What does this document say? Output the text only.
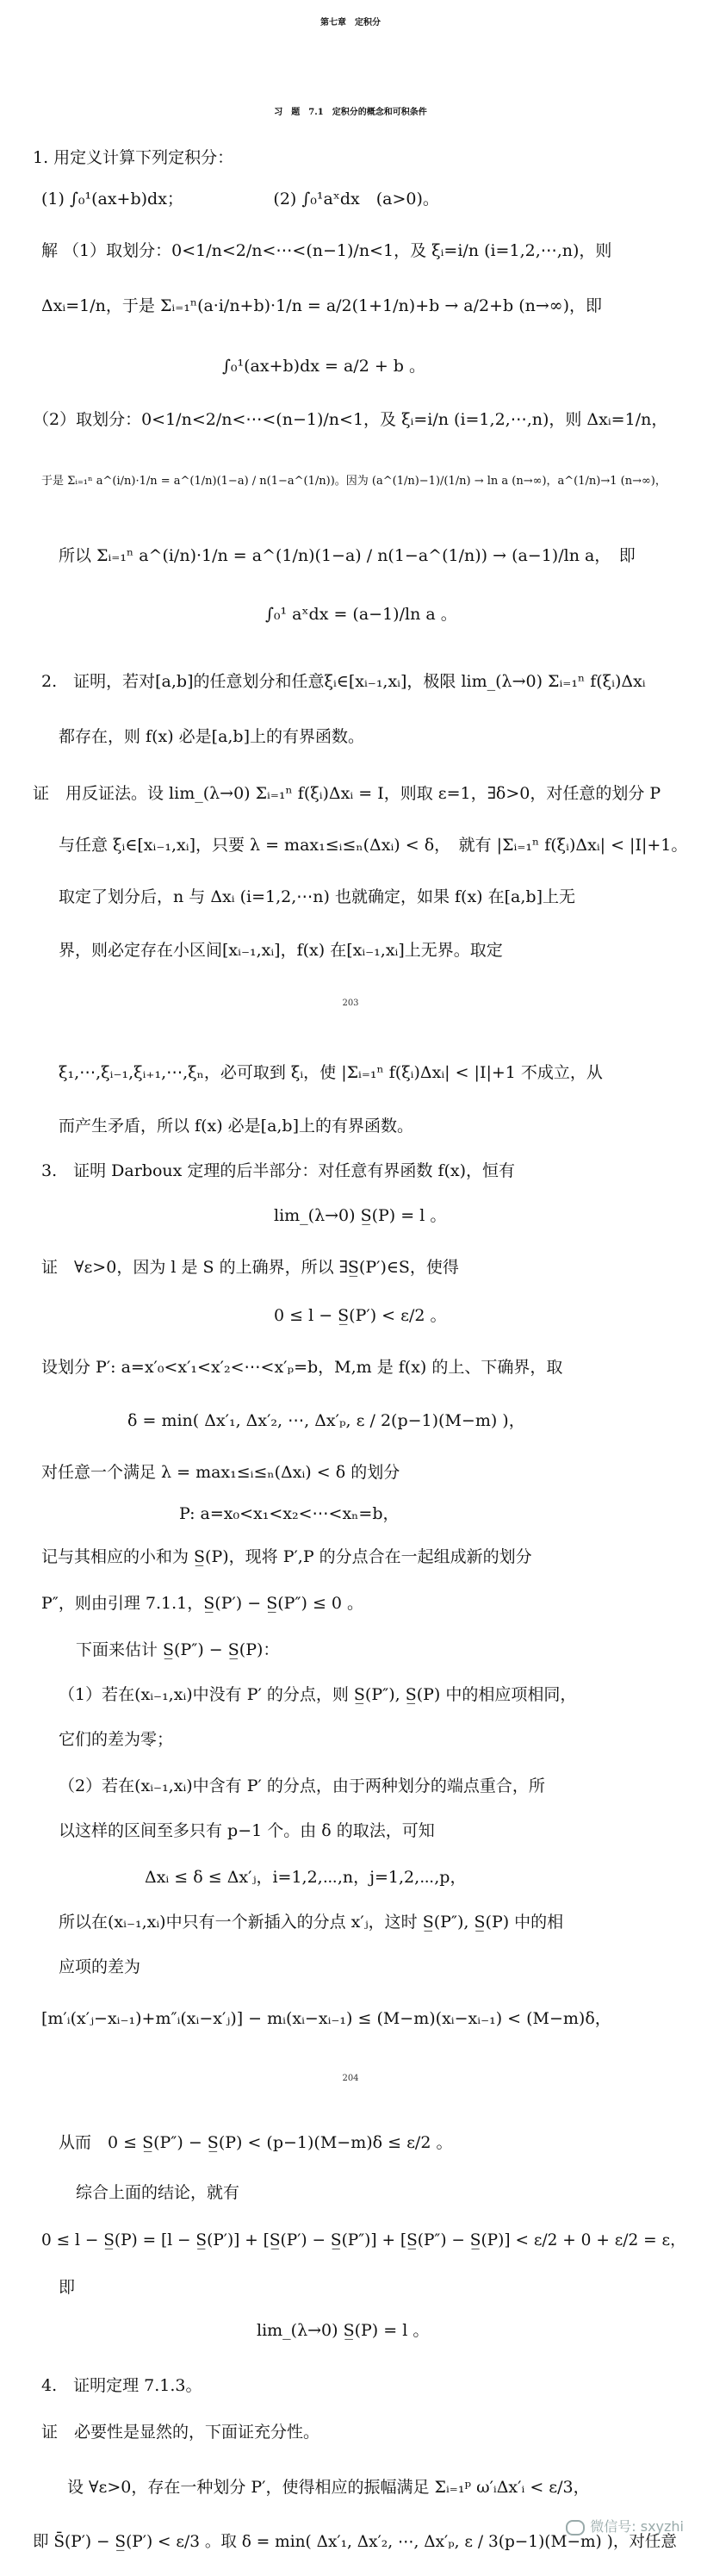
第七章　定积分
习　题　7.1　定积分的概念和可积条件
1. 用定义计算下列定积分：
(1) ∫₀¹(ax+b)dx；　　　　　　(2) ∫₀¹aˣdx　(a>0)。
解 （1）取划分：0<1/n<2/n<⋯<(n−1)/n<1，及 ξᵢ=i/n (i=1,2,⋯,n)，则
Δxᵢ=1/n，于是 Σᵢ₌₁ⁿ(a·i/n+b)·1/n = a/2(1+1/n)+b → a/2+b (n→∞)，即
∫₀¹(ax+b)dx = a/2 + b 。
（2）取划分：0<1/n<2/n<⋯<(n−1)/n<1，及 ξᵢ=i/n (i=1,2,⋯,n)，则 Δxᵢ=1/n，
于是 Σᵢ₌₁ⁿ a^(i/n)·1/n = a^(1/n)(1−a) / n(1−a^(1/n))。因为 (a^(1/n)−1)/(1/n) → ln a (n→∞)，a^(1/n)→1 (n→∞)，
所以 Σᵢ₌₁ⁿ a^(i/n)·1/n = a^(1/n)(1−a) / n(1−a^(1/n)) → (a−1)/ln a，　即
∫₀¹ aˣdx = (a−1)/ln a 。
2.　证明，若对[a,b]的任意划分和任意ξᵢ∈[xᵢ₋₁,xᵢ]，极限 lim_(λ→0) Σᵢ₌₁ⁿ f(ξᵢ)Δxᵢ
都存在，则 f(x) 必是[a,b]上的有界函数。
证　用反证法。设 lim_(λ→0) Σᵢ₌₁ⁿ f(ξᵢ)Δxᵢ = I，则取 ε=1，∃δ>0，对任意的划分 P
与任意 ξᵢ∈[xᵢ₋₁,xᵢ]，只要 λ = max₁≤ᵢ≤ₙ(Δxᵢ) < δ，　就有 |Σᵢ₌₁ⁿ f(ξᵢ)Δxᵢ| < |I|+1。
取定了划分后，n 与 Δxᵢ (i=1,2,⋯n) 也就确定，如果 f(x) 在[a,b]上无
界，则必定存在小区间[xᵢ₋₁,xᵢ]，f(x) 在[xᵢ₋₁,xᵢ]上无界。取定
203
ξ₁,⋯,ξᵢ₋₁,ξᵢ₊₁,⋯,ξₙ，必可取到 ξᵢ，使 |Σᵢ₌₁ⁿ f(ξᵢ)Δxᵢ| < |I|+1 不成立，从
而产生矛盾，所以 f(x) 必是[a,b]上的有界函数。
3.　证明 Darboux 定理的后半部分：对任意有界函数 f(x)，恒有
lim_(λ→0) S̲(P) = l 。
证　∀ε>0，因为 l 是 S 的上确界，所以 ∃S̲(P′)∈S，使得
0 ≤ l − S̲(P′) < ε/2 。
设划分 P′: a=x′₀<x′₁<x′₂<⋯<x′ₚ=b，M,m 是 f(x) 的上、下确界，取
δ = min( Δx′₁, Δx′₂, ⋯, Δx′ₚ, ε / 2(p−1)(M−m) )，
对任意一个满足 λ = max₁≤ᵢ≤ₙ(Δxᵢ) < δ 的划分
P: a=x₀<x₁<x₂<⋯<xₙ=b，
记与其相应的小和为 S̲(P)，现将 P′,P 的分点合在一起组成新的划分
P″，则由引理 7.1.1，S̲(P′) − S̲(P″) ≤ 0 。
下面来估计 S̲(P″) − S̲(P)：
（1）若在(xᵢ₋₁,xᵢ)中没有 P′ 的分点，则 S̲(P″), S̲(P) 中的相应项相同，
它们的差为零；
（2）若在(xᵢ₋₁,xᵢ)中含有 P′ 的分点，由于两种划分的端点重合，所
以这样的区间至多只有 p−1 个。由 δ 的取法，可知
Δxᵢ ≤ δ ≤ Δx′ⱼ，i=1,2,⋯,n，j=1,2,⋯,p，
所以在(xᵢ₋₁,xᵢ)中只有一个新插入的分点 x′ⱼ，这时 S̲(P″), S̲(P) 中的相
应项的差为
[m′ᵢ(x′ⱼ−xᵢ₋₁)+m″ᵢ(xᵢ−x′ⱼ)] − mᵢ(xᵢ−xᵢ₋₁) ≤ (M−m)(xᵢ−xᵢ₋₁) < (M−m)δ，
204
从而　0 ≤ S̲(P″) − S̲(P) < (p−1)(M−m)δ ≤ ε/2 。
综合上面的结论，就有
0 ≤ l − S̲(P) = [l − S̲(P′)] + [S̲(P′) − S̲(P″)] + [S̲(P″) − S̲(P)] < ε/2 + 0 + ε/2 = ε，
即
lim_(λ→0) S̲(P) = l 。
4.　证明定理 7.1.3。
证　必要性是显然的，下面证充分性。
设 ∀ε>0，存在一种划分 P′，使得相应的振幅满足 Σᵢ₌₁ᵖ ω′ᵢΔx′ᵢ < ε/3，
即 S̄(P′) − S̲(P′) < ε/3 。取 δ = min( Δx′₁, Δx′₂, ⋯, Δx′ₚ, ε / 3(p−1)(M−m) )，对任意
微信号: sxyzhi
